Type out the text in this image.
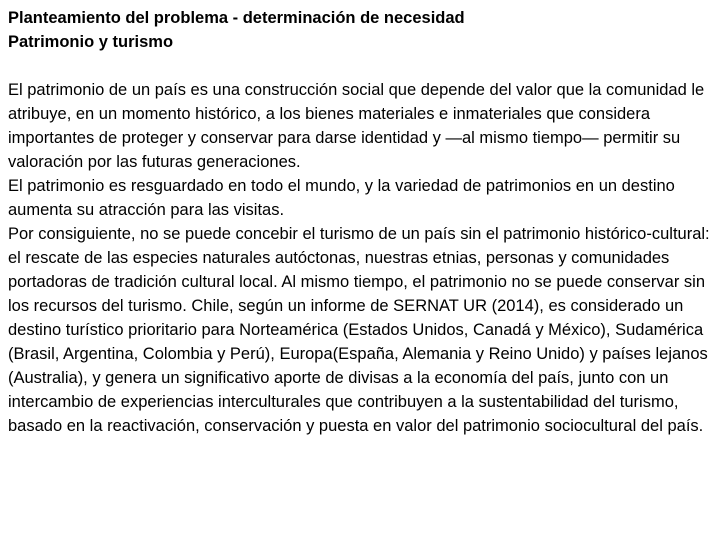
Planteamiento del problema - determinación de necesidad

Patrimonio y turismo

El patrimonio de un país es una construcción social que depende del valor que la comunidad le atribuye, en un momento histórico, a los bienes materiales e inmateriales que considera importantes de proteger y conservar para darse identidad y —al mismo tiempo— permitir su valoración por las futuras generaciones.

El patrimonio es resguardado en todo el mundo, y la variedad de patrimonios en un destino aumenta su atracción para las visitas.

Por consiguiente, no se puede concebir el turismo de un país sin el patrimonio histórico-cultural: el rescate de las especies naturales autóctonas, nuestras etnias, personas y comunidades portadoras de tradición cultural local. Al mismo tiempo, el patrimonio no se puede conservar sin los recursos del turismo. Chile, según un informe de SERNAT UR (2014), es considerado un destino turístico prioritario para Norteamérica (Estados Unidos, Canadá y México), Sudamérica (Brasil, Argentina, Colombia y Perú), Europa(España, Alemania y Reino Unido) y países lejanos (Australia), y genera un significativo aporte de divisas a la economía del país, junto con un intercambio de experiencias interculturales que contribuyen a la sustentabilidad del turismo, basado en la reactivación, conservación y puesta en valor del patrimonio sociocultural del país.
